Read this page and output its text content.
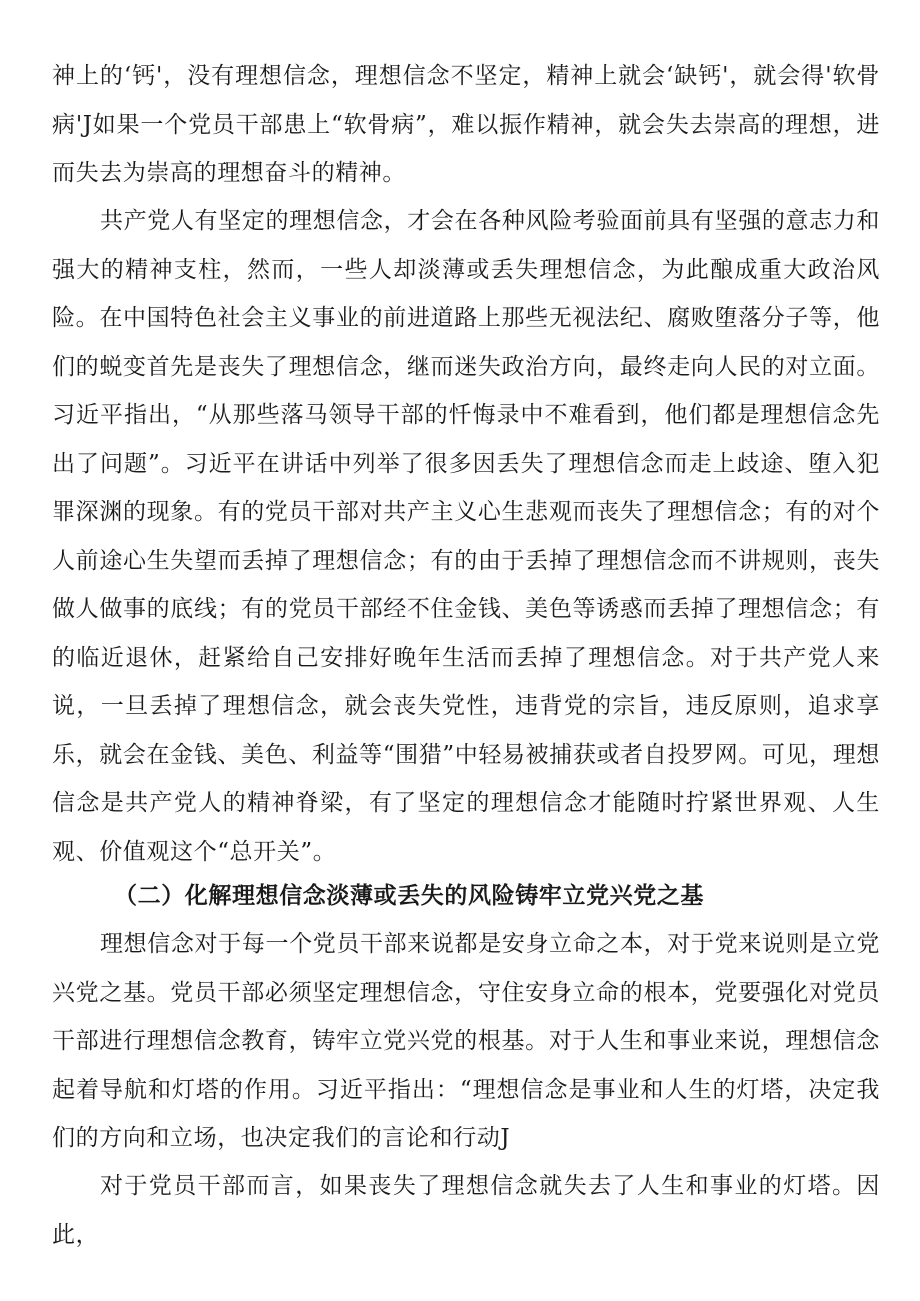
神上的‘钙'，没有理想信念，理想信念不坚定，精神上就会‘缺钙'，就会得'软骨病'J如果一个党员干部患上“软骨病”，难以振作精神，就会失去崇高的理想，进而失去为崇高的理想奋斗的精神。

共产党人有坚定的理想信念，才会在各种风险考验面前具有坚强的意志力和强大的精神支柱，然而，一些人却淡薄或丢失理想信念，为此酿成重大政治风险。在中国特色社会主义事业的前进道路上那些无视法纪、腐败堕落分子等，他们的蜕变首先是丧失了理想信念，继而迷失政治方向，最终走向人民的对立面。习近平指出，“从那些落马领导干部的忏悔录中不难看到，他们都是理想信念先出了问题”。习近平在讲话中列举了很多因丢失了理想信念而走上歧途、堕入犯罪深渊的现象。有的党员干部对共产主义心生悲观而丧失了理想信念；有的对个人前途心生失望而丢掉了理想信念；有的由于丢掉了理想信念而不讲规则，丧失做人做事的底线；有的党员干部经不住金钱、美色等诱惑而丢掉了理想信念；有的临近退休，赶紧给自己安排好晚年生活而丢掉了理想信念。对于共产党人来说，一旦丢掉了理想信念，就会丧失党性，违背党的宗旨，违反原则，追求享乐，就会在金钱、美色、利益等“围猎”中轻易被捕获或者自投罗网。可见，理想信念是共产党人的精神脊梁，有了坚定的理想信念才能随时拧紧世界观、人生观、价值观这个“总开关”。

（二）化解理想信念淡薄或丢失的风险铸牢立党兴党之基

理想信念对于每一个党员干部来说都是安身立命之本，对于党来说则是立党兴党之基。党员干部必须坚定理想信念，守住安身立命的根本，党要强化对党员干部进行理想信念教育，铸牢立党兴党的根基。对于人生和事业来说，理想信念起着导航和灯塔的作用。习近平指出：“理想信念是事业和人生的灯塔，决定我们的方向和立场，也决定我们的言论和行动J

对于党员干部而言，如果丧失了理想信念就失去了人生和事业的灯塔。因此，
